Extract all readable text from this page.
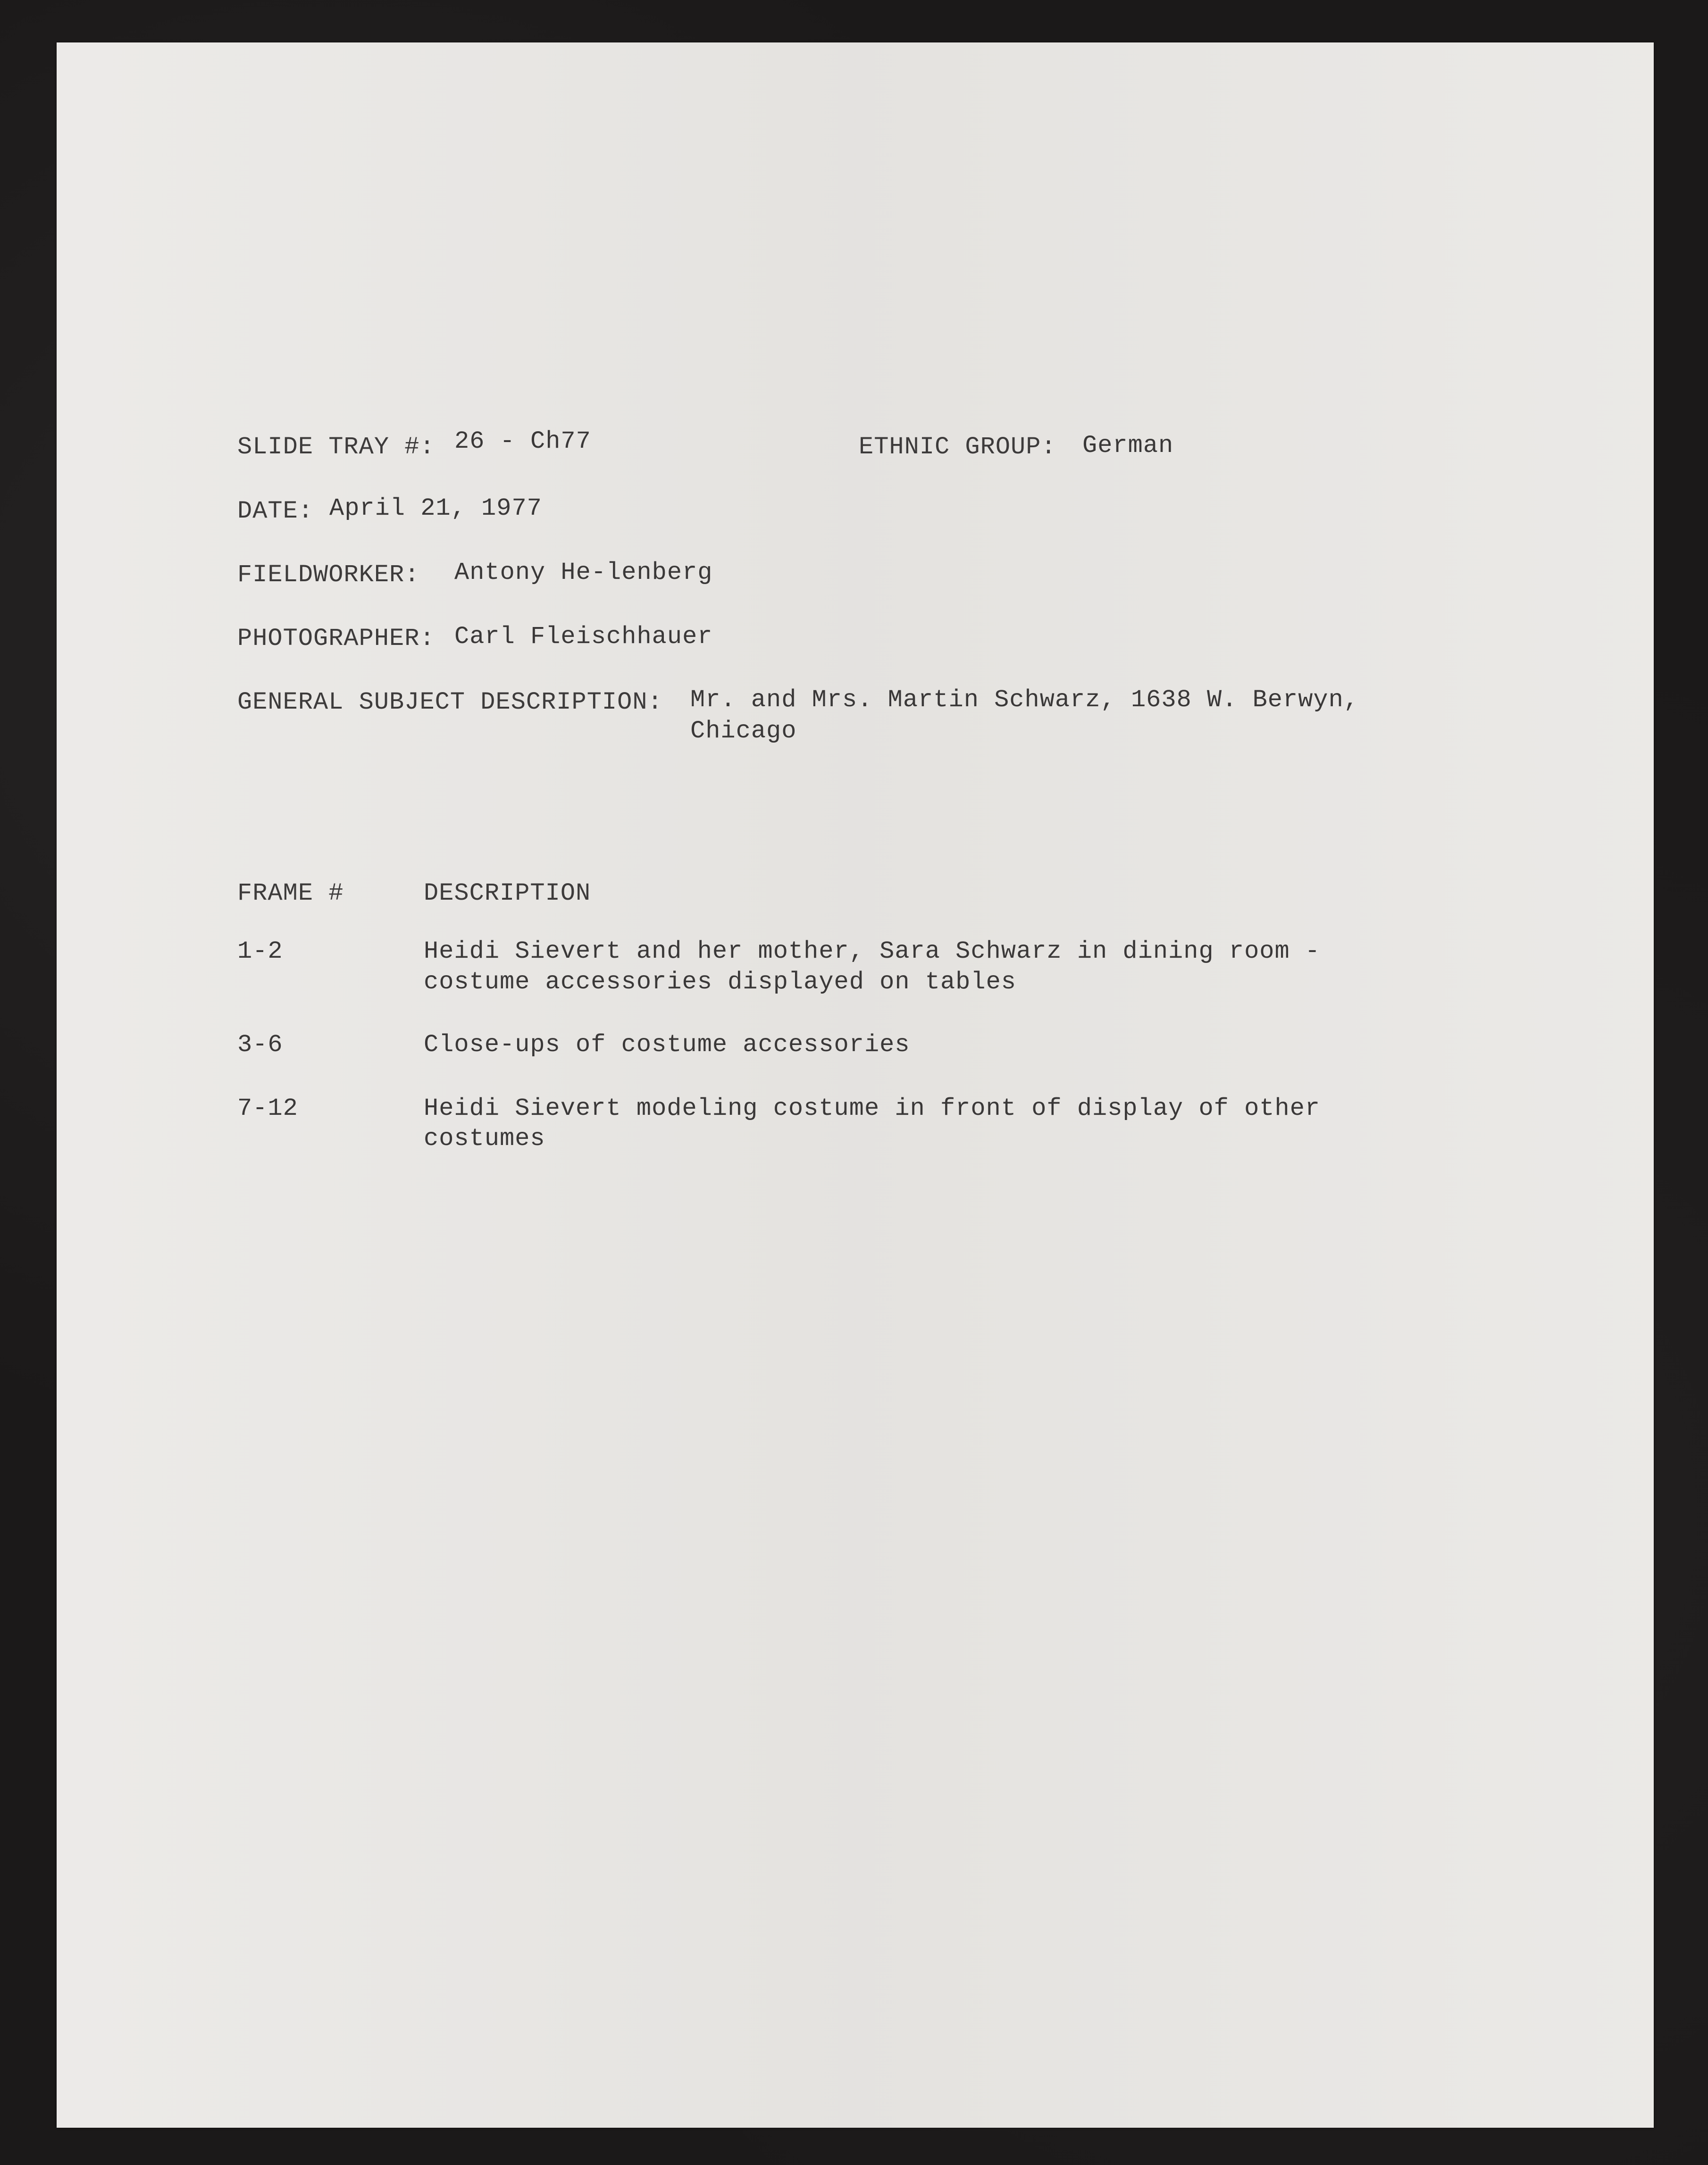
SLIDE TRAY #: 26 - Ch77	ETHNIC GROUP: German
DATE: April 21, 1977
FIELDWORKER: Antony He-lenberg
PHOTOGRAPHER: Carl Fleischhauer
GENERAL SUBJECT DESCRIPTION: Mr. and Mrs. Martin Schwarz, 1638 W. Berwyn,
Chicago
FRAME #	DESCRIPTION
1-2	Heidi Sievert and her mother, Sara Schwarz in dining room -
costume accessories displayed on tables
3-6	Close-ups of costume accessories
7-12	Heidi Sievert modeling costume in front of display of other
costumes
